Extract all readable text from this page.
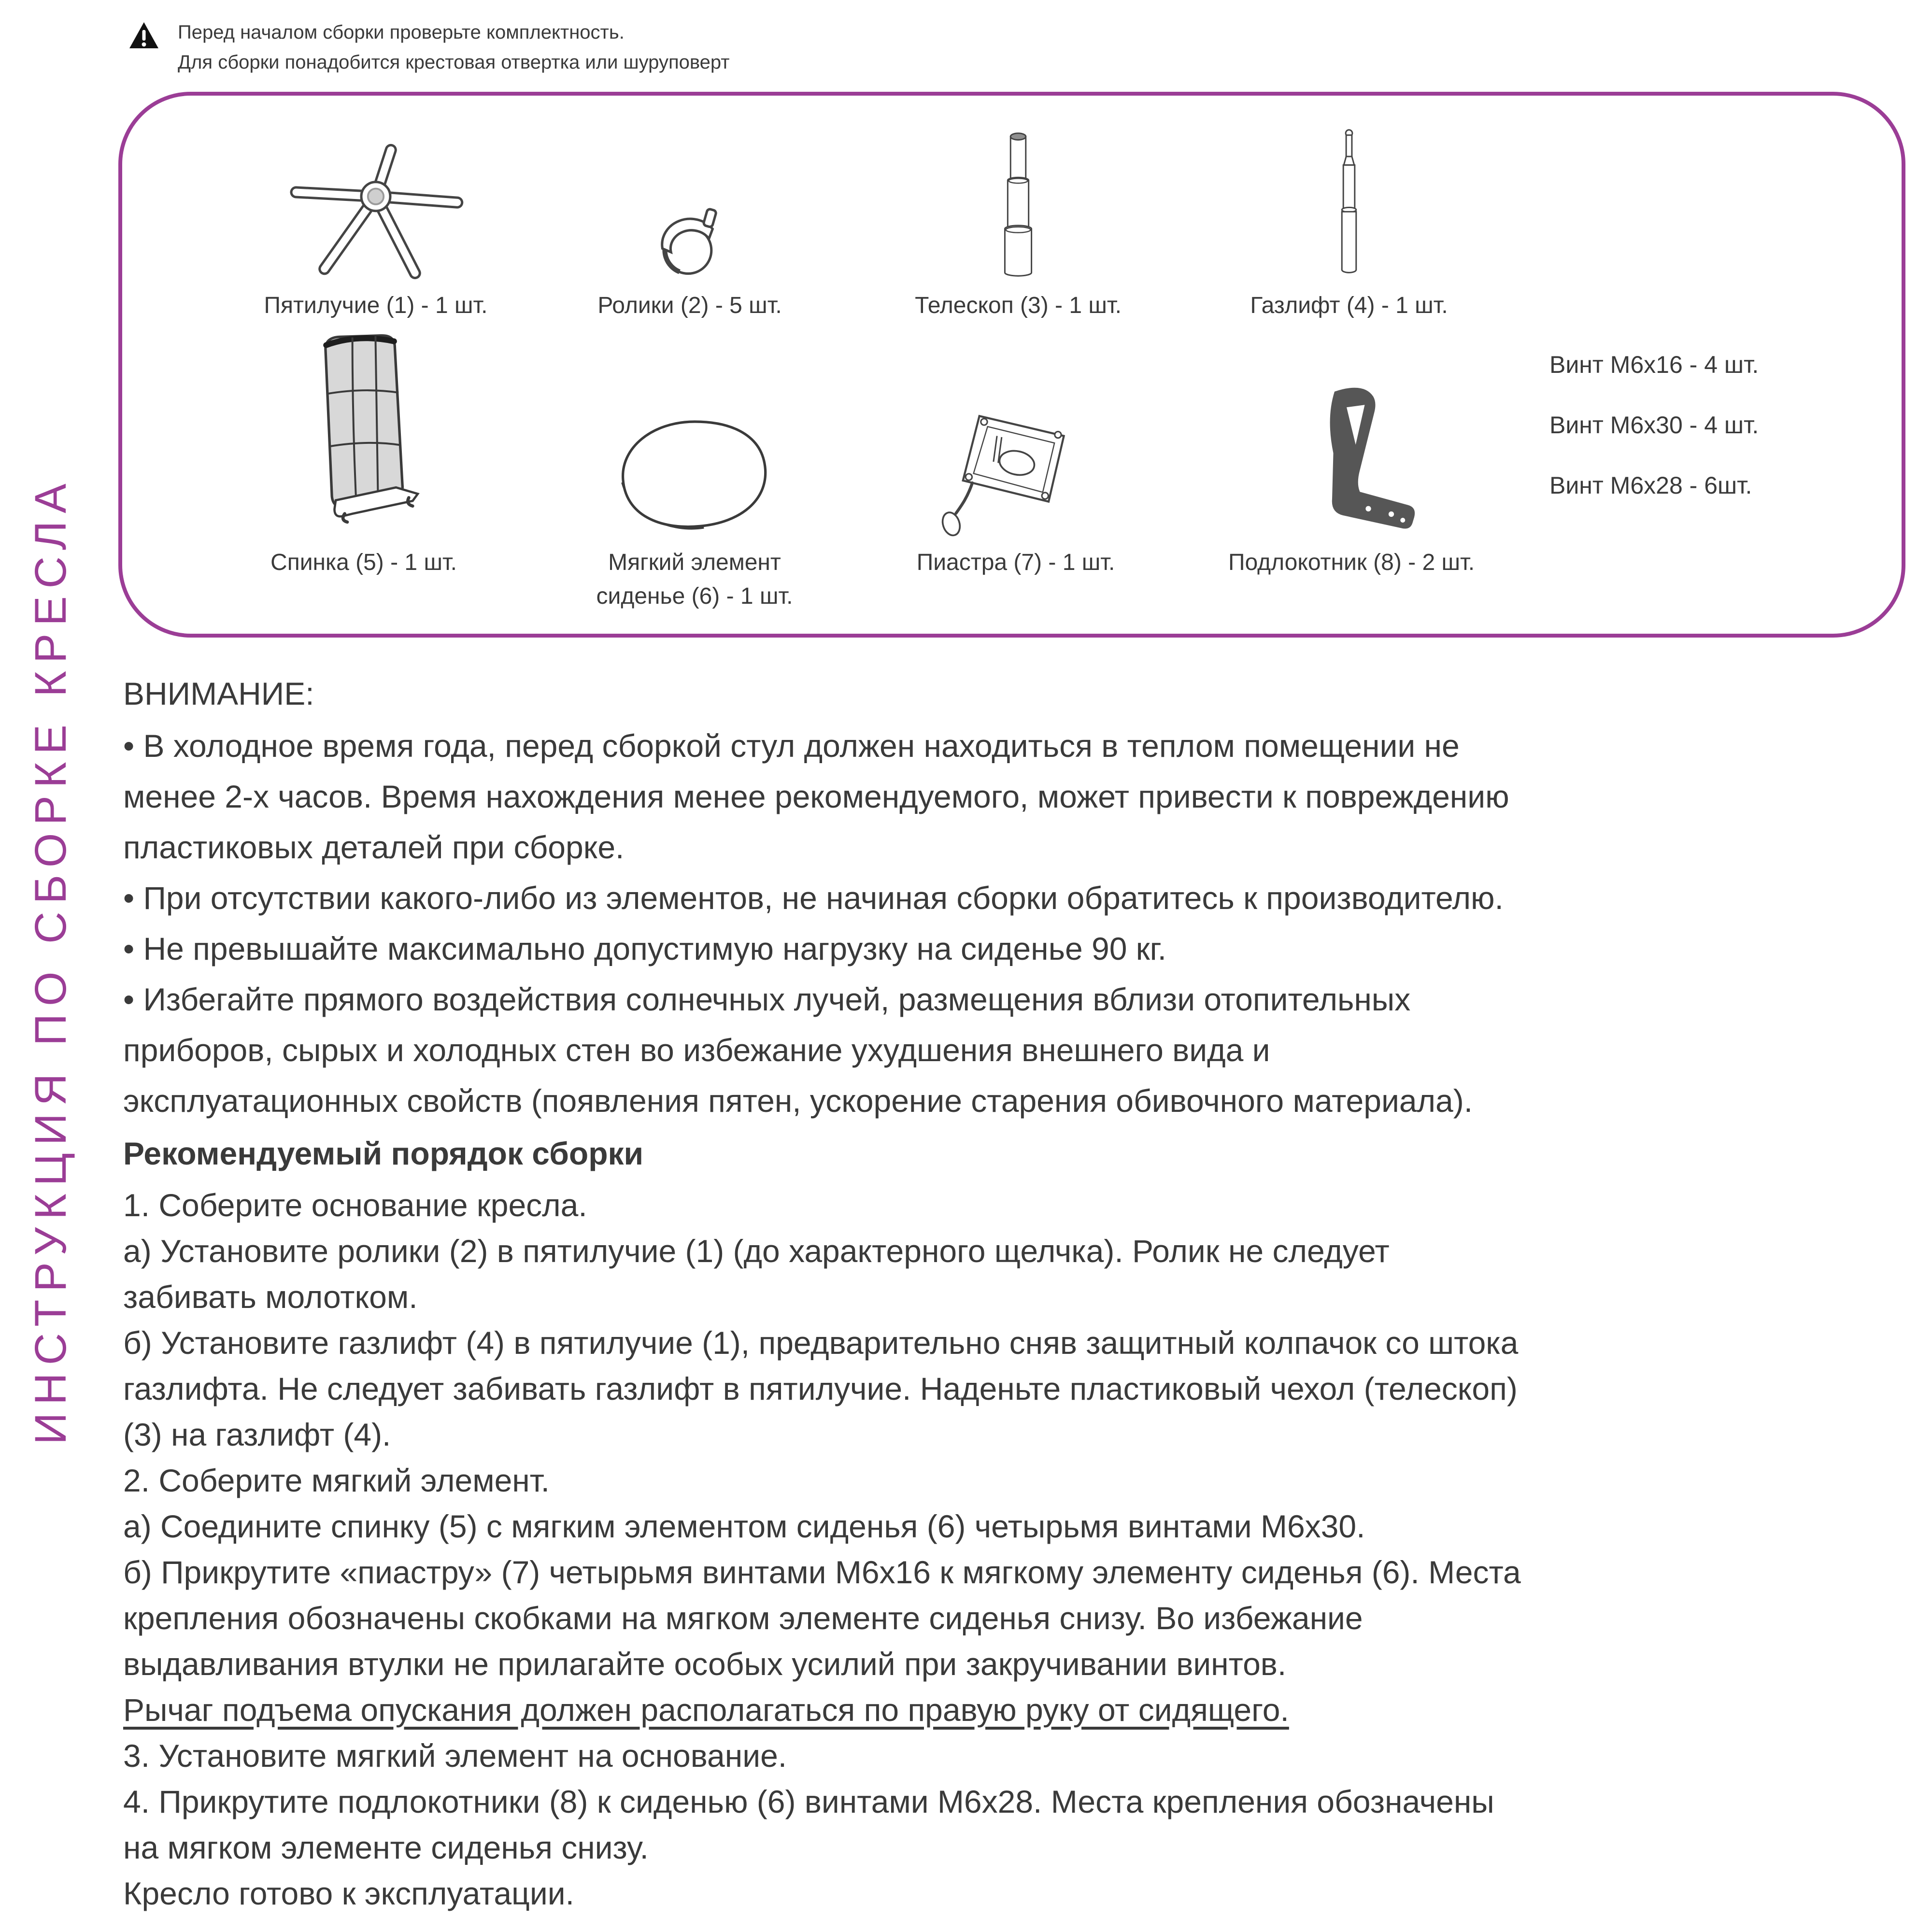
Перед началом сборки проверьте комплектность.
Для сборки понадобится крестовая отвертка или шуруповерт
ИНСТРУКЦИЯ ПО СБОРКЕ КРЕСЛА
Пятилучие (1) - 1 шт.	Ролики (2) - 5 шт.	Телескоп (3) - 1 шт.	Газлифт (4) - 1 шт.
Спинка (5) - 1 шт.	Мягкий элемент
сиденье (6) - 1 шт.
Пиастра (7) - 1 шт.	Подлокотник (8) - 2 шт.
Винт М6х16 - 4 шт.
Винт М6х30 - 4 шт.
Винт М6х28 - 6шт.
ВНИМАНИЕ:
• В холодное время года, перед сборкой стул должен находиться в теплом помещении не
менее 2-х часов. Время нахождения менее рекомендуемого, может привести к повреждению
пластиковых деталей при сборке.
• При отсутствии какого-либо из элементов, не начиная сборки обратитесь к производителю.
• Не превышайте максимально допустимую нагрузку на сиденье 90 кг.
• Избегайте прямого воздействия солнечных лучей, размещения вблизи отопительных
приборов, сырых и холодных стен во избежание ухудшения внешнего вида и
эксплуатационных свойств (появления пятен, ускорение старения обивочного материала).
Рекомендуемый порядок сборки
1. Соберите основание кресла.
а) Установите ролики (2) в пятилучие (1) (до характерного щелчка). Ролик не следует
забивать молотком.
б) Установите газлифт (4) в пятилучие (1), предварительно сняв защитный колпачок со штока
газлифта. Не следует забивать газлифт в пятилучие. Наденьте пластиковый чехол (телескоп)
(3) на газлифт (4).
2. Соберите мягкий элемент.
а) Соедините спинку (5) с мягким элементом сиденья (6) четырьмя винтами М6х30.
б) Прикрутите «пиастру» (7) четырьмя винтами М6х16 к мягкому элементу сиденья (6). Места
крепления обозначены скобками на мягком элементе сиденья снизу. Во избежание
выдавливания втулки не прилагайте особых усилий при закручивании винтов.
Рычаг подъема опускания должен располагаться по правую руку от сидящего.
3. Установите мягкий элемент на основание.
4. Прикрутите подлокотники (8) к сиденью (6) винтами М6х28. Места крепления обозначены
на мягком элементе сиденья снизу.
Кресло готово к эксплуатации.
